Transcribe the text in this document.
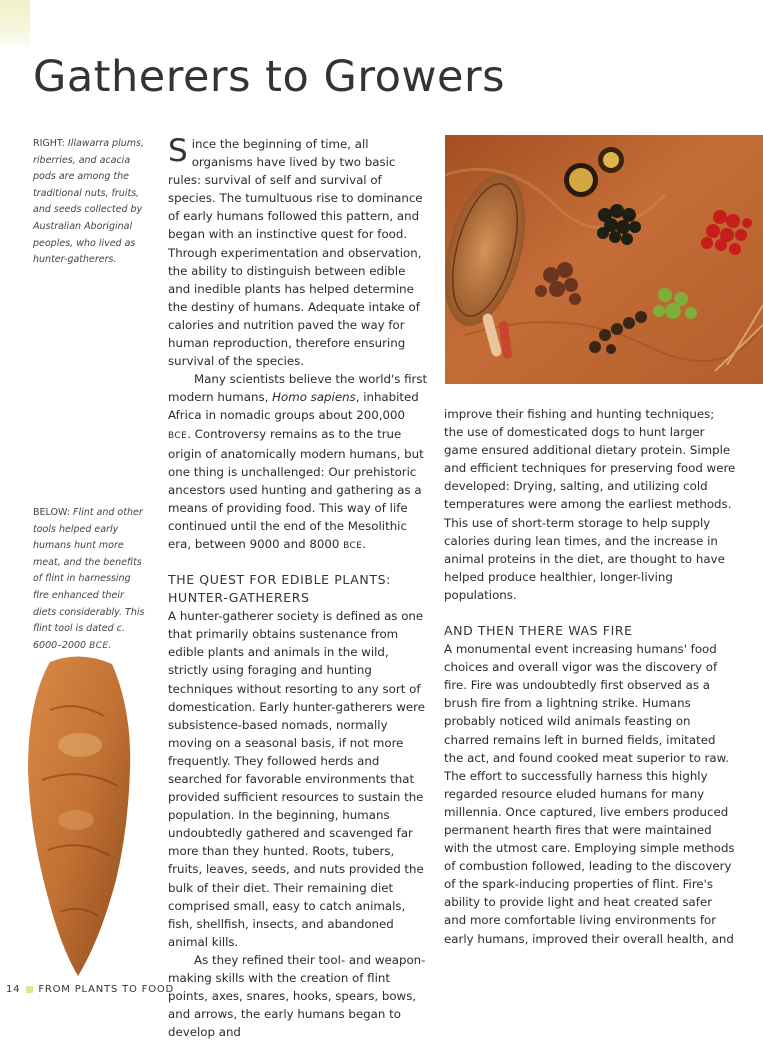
Gatherers to Growers
RIGHT: Illawarra plums, riberries, and acacia pods are among the traditional nuts, fruits, and seeds collected by Australian Aboriginal peoples, who lived as hunter-gatherers.
BELOW: Flint and other tools helped early humans hunt more meat, and the benefits of flint in harnessing fire enhanced their diets considerably. This flint tool is dated c. 6000–2000 BCE.

Since the beginning of time, all organisms have lived by two basic rules: survival of self and survival of species. The tumultuous rise to dominance of early humans followed this pattern, and began with an instinctive quest for food. Through experimentation and observation, the ability to distinguish between edible and inedible plants has helped determine the destiny of humans. Adequate intake of calories and nutrition paved the way for human reproduction, therefore ensuring survival of the species.

Many scientists believe the world's first modern humans, Homo sapiens, inhabited Africa in nomadic groups about 200,000 BCE. Controversy remains as to the true origin of anatomically modern humans, but one thing is unchallenged: Our prehistoric ancestors used hunting and gathering as a means of providing food. This way of life continued until the end of the Mesolithic era, between 9000 and 8000 BCE.

THE QUEST FOR EDIBLE PLANTS:
HUNTER-GATHERERS

A hunter-gatherer society is defined as one that primarily obtains sustenance from edible plants and animals in the wild, strictly using foraging and hunting techniques without resorting to any sort of domestication. Early hunter-gatherers were subsistence-based nomads, normally moving on a seasonal basis, if not more frequently. They followed herds and searched for favorable environments that provided sufficient resources to sustain the population. In the beginning, humans undoubtedly gathered and scavenged far more than they hunted. Roots, tubers, fruits, leaves, seeds, and nuts provided the bulk of their diet. Their remaining diet comprised small, easy to catch animals, fish, shellfish, insects, and abandoned animal kills.

As they refined their tool- and weapon-making skills with the creation of flint points, axes, snares, hooks, spears, bows, and arrows, the early humans began to develop and

improve their fishing and hunting techniques; the use of domesticated dogs to hunt larger game ensured additional dietary protein. Simple and efficient techniques for preserving food were developed: Drying, salting, and utilizing cold temperatures were among the earliest methods. This use of short-term storage to help supply calories during lean times, and the increase in animal proteins in the diet, are thought to have helped produce healthier, longer-living populations.

AND THEN THERE WAS FIRE

A monumental event increasing humans' food choices and overall vigor was the discovery of fire. Fire was undoubtedly first observed as a brush fire from a lightning strike. Humans probably noticed wild animals feasting on charred remains left in burned fields, imitated the act, and found cooked meat superior to raw. The effort to successfully harness this highly regarded resource eluded humans for many millennia. Once captured, live embers produced permanent hearth fires that were maintained with the utmost care. Employing simple methods of combustion followed, leading to the discovery of the spark-inducing properties of flint. Fire's ability to provide light and heat created safer and more comfortable living environments for early humans, improved their overall health, and

14 FROM PLANTS TO FOOD
